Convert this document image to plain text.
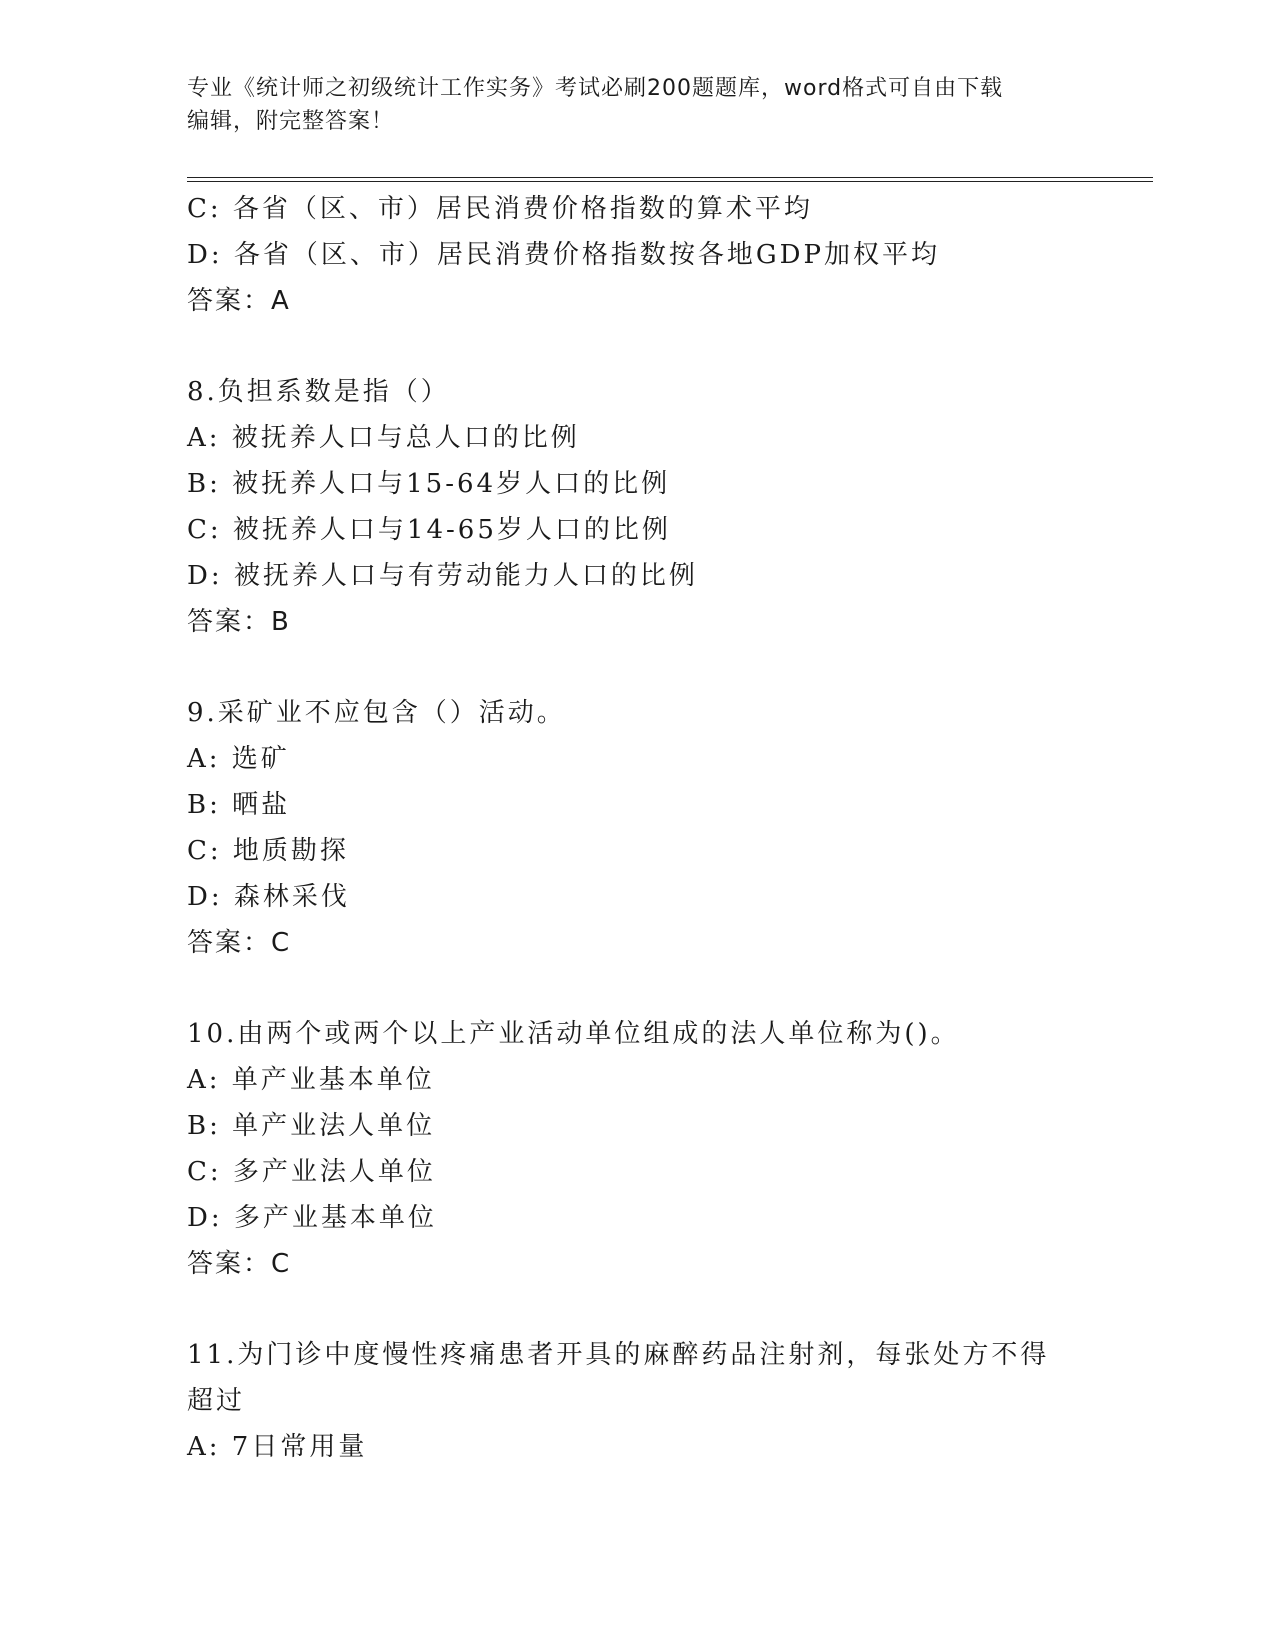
专业《统计师之初级统计工作实务》考试必刷200题题库，word格式可自由下载
编辑，附完整答案！
C: 各省（区、市）居民消费价格指数的算术平均
D: 各省（区、市）居民消费价格指数按各地GDP加权平均
答案：A
8.负担系数是指（）
A: 被抚养人口与总人口的比例
B: 被抚养人口与15-64岁人口的比例
C: 被抚养人口与14-65岁人口的比例
D: 被抚养人口与有劳动能力人口的比例
答案：B
9.采矿业不应包含（）活动。
A: 选矿
B: 晒盐
C: 地质勘探
D: 森林采伐
答案：C
10.由两个或两个以上产业活动单位组成的法人单位称为()。
A: 单产业基本单位
B: 单产业法人单位
C: 多产业法人单位
D: 多产业基本单位
答案：C
11.为门诊中度慢性疼痛患者开具的麻醉药品注射剂，每张处方不得超过
A: 7日常用量
